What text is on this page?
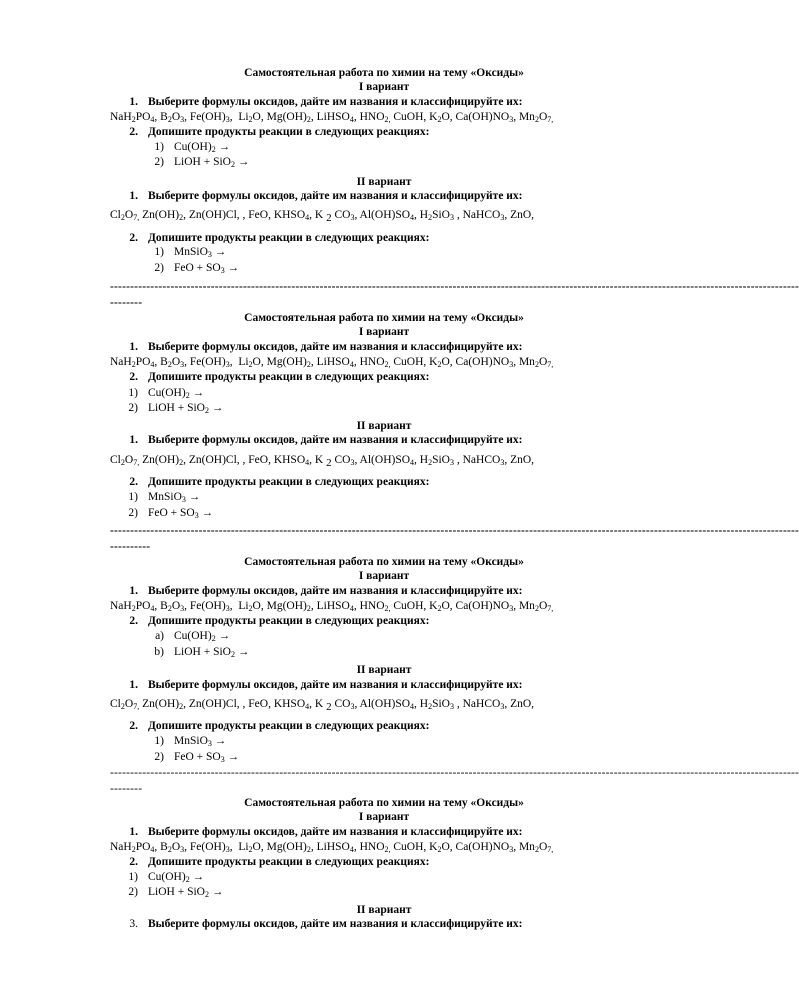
Самостоятельная работа по химии на тему «Оксиды»
I вариант
1. Выберите формулы оксидов, дайте им названия и классифицируйте их:
$NaH_2PO_4$, $B_2O_3$, $Fe(OH)_3$,  $Li_2O$, $Mg(OH)_2$, LiHSO$_4$, $HNO_{2,}$ CuOH, $K_2O$, $Ca(OH)NO_3$, $Mn_2O_{7,}$
2. Допишите продукты реакции в следующих реакциях:
1) $Cu(OH)_2$ →
2) LiOH + SiO$_2$ →
II вариант
1. Выберите формулы оксидов, дайте им названия и классифицируйте их:
$Cl_2O_{7,}$ $Zn(OH)_2$, Zn(OH)Cl, , FeO, $KHSO_4$, K 2 $CO_3$, $Al(OH)SO_4$, $H_2SiO_3$ , NaHCO$_3$, ZnO,
2. Допишите продукты реакции в следующих реакциях:
1) MnSiO$_3$ →
2) FeO + $SO_3$ →
---------------------------------------------------------------------------------------------------------------------------------------------------------------------------
--------
Самостоятельная работа по химии на тему «Оксиды»
I вариант
1. Выберите формулы оксидов, дайте им названия и классифицируйте их:
$NaH_2PO_4$, $B_2O_3$, $Fe(OH)_3$,  $Li_2O$, $Mg(OH)_2$, LiHSO$_4$, $HNO_{2,}$ CuOH, $K_2O$, $Ca(OH)NO_3$, $Mn_2O_{7,}$
2. Допишите продукты реакции в следующих реакциях:
1) $Cu(OH)_2$ →
2) LiOH + SiO$_2$ →
II вариант
1. Выберите формулы оксидов, дайте им названия и классифицируйте их:
$Cl_2O_{7,}$ $Zn(OH)_2$, Zn(OH)Cl, , FeO, $KHSO_4$, K 2 $CO_3$, $Al(OH)SO_4$, $H_2SiO_3$ , NaHCO$_3$, ZnO,
2. Допишите продукты реакции в следующих реакциях:
1) MnSiO$_3$ →
2) FeO + $SO_3$ →
---------------------------------------------------------------------------------------------------------------------------------------------------------------------------
----------
Самостоятельная работа по химии на тему «Оксиды»
I вариант
1. Выберите формулы оксидов, дайте им названия и классифицируйте их:
$NaH_2PO_4$, $B_2O_3$, $Fe(OH)_3$,  $Li_2O$, $Mg(OH)_2$, LiHSO$_4$, $HNO_{2,}$ CuOH, $K_2O$, $Ca(OH)NO_3$, $Mn_2O_{7,}$
2. Допишите продукты реакции в следующих реакциях:
a) $Cu(OH)_2$ →
b) LiOH + SiO$_2$ →
II вариант
1. Выберите формулы оксидов, дайте им названия и классифицируйте их:
$Cl_2O_{7,}$ $Zn(OH)_2$, Zn(OH)Cl, , FeO, $KHSO_4$, K 2 $CO_3$, $Al(OH)SO_4$, $H_2SiO_3$ , NaHCO$_3$, ZnO,
2. Допишите продукты реакции в следующих реакциях:
1) MnSiO$_3$ →
2) FeO + $SO_3$ →
---------------------------------------------------------------------------------------------------------------------------------------------------------------------------
--------
Самостоятельная работа по химии на тему «Оксиды»
I вариант
1. Выберите формулы оксидов, дайте им названия и классифицируйте их:
$NaH_2PO_4$, $B_2O_3$, $Fe(OH)_3$,  $Li_2O$, $Mg(OH)_2$, LiHSO$_4$, $HNO_{2,}$ CuOH, $K_2O$, $Ca(OH)NO_3$, $Mn_2O_{7,}$
2. Допишите продукты реакции в следующих реакциях:
1) $Cu(OH)_2$ →
2) LiOH + SiO$_2$ →
II вариант
3. Выберите формулы оксидов, дайте им названия и классифицируйте их:
